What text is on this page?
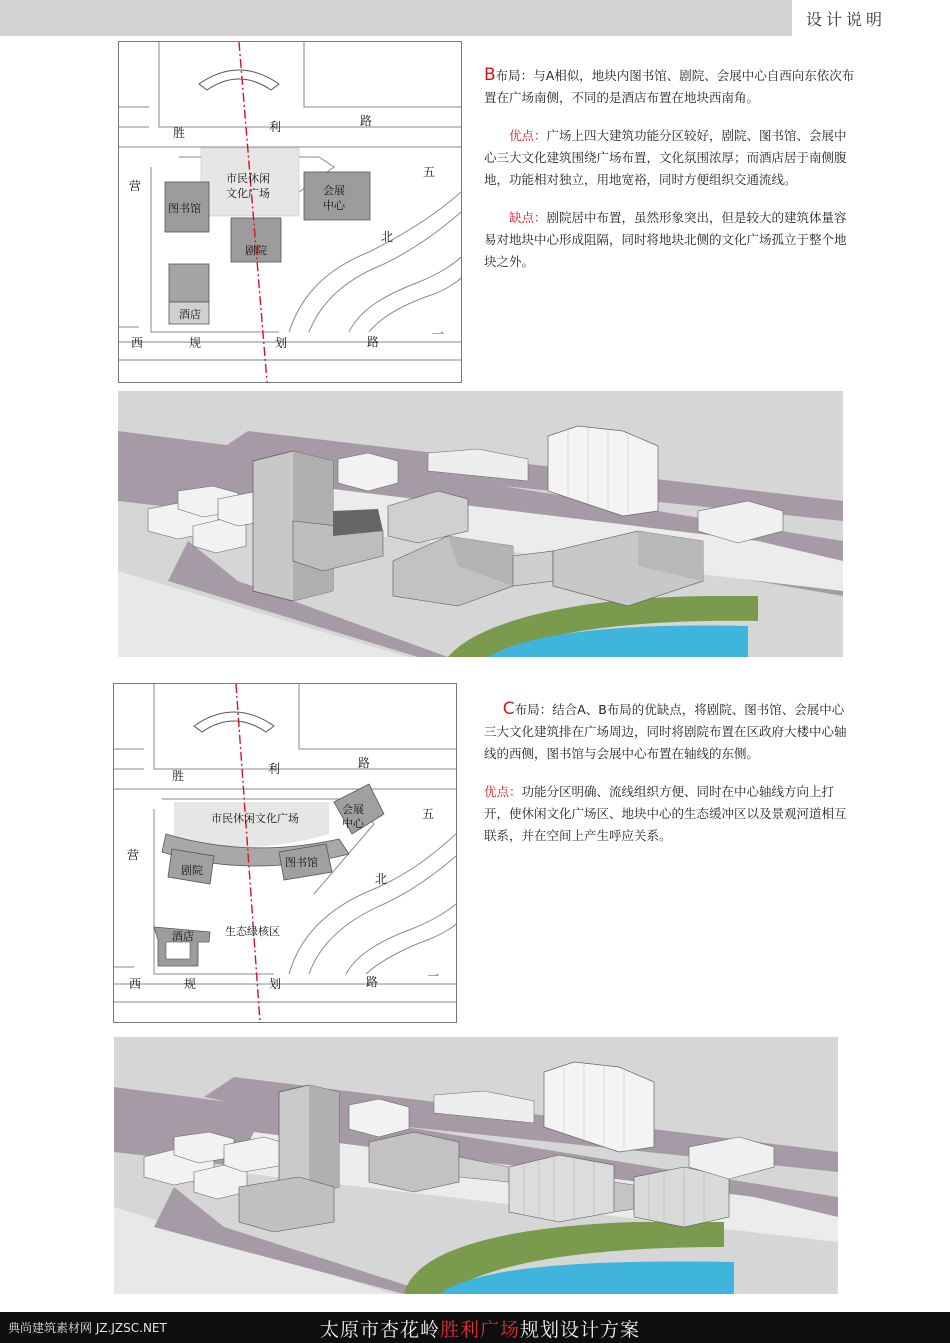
设计说明
市民休闲
文化广场
图书馆
会展
中心
剧院
酒店
胜	利	路
营
五
北
一
西	规	划	路

B布局：与A相似，地块内图书馆、剧院、会展中心自西向东依次布置在广场南侧，不同的是酒店布置在地块西南角。

优点：广场上四大建筑功能分区较好，剧院、图书馆、会展中心三大文化建筑围绕广场布置，文化氛围浓厚；而酒店居于南侧腹地，功能相对独立，用地宽裕，同时方便组织交通流线。

缺点：剧院居中布置，虽然形象突出，但是较大的建筑体量容易对地块中心形成阻隔，同时将地块北侧的文化广场孤立于整个地块之外。

市民休闲文化广场
会展
中心
剧院
图书馆
酒店	生态绿核区
胜	利	路
营
五
北
一
西	规	划	路

C布局：结合A、B布局的优缺点，将剧院、图书馆、会展中心三大文化建筑排在广场周边，同时将剧院布置在区政府大楼中心轴线的西侧，图书馆与会展中心布置在轴线的东侧。

优点：功能分区明确、流线组织方便、同时在中心轴线方向上打开，使休闲文化广场区、地块中心的生态缓冲区以及景观河道相互联系，并在空间上产生呼应关系。

典尚建筑素材网 JZ.JZSC.NET	太原市杏花岭胜利广场规划设计方案
